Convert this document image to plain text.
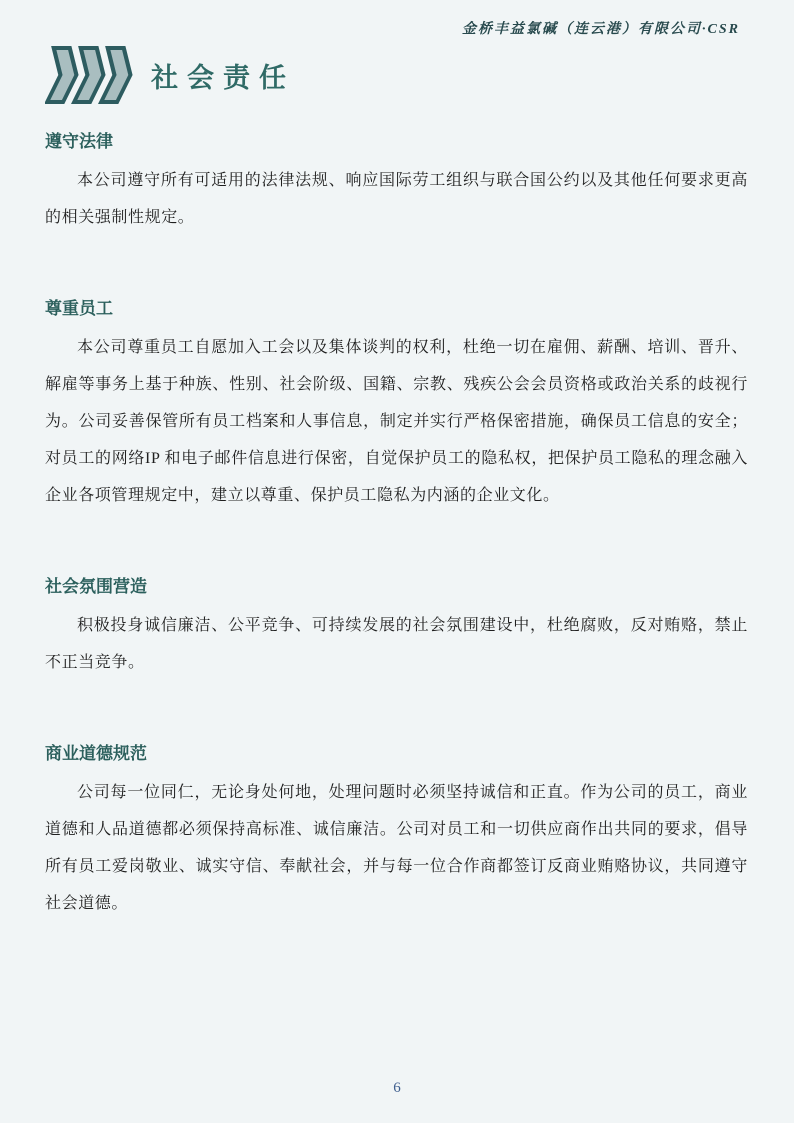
金桥丰益氯碱（连云港）有限公司·CSR
社会责任
遵守法律

本公司遵守所有可适用的法律法规、响应国际劳工组织与联合国公约以及其他任何要求更高的相关强制性规定。

尊重员工

本公司尊重员工自愿加入工会以及集体谈判的权利，杜绝一切在雇佣、薪酬、培训、晋升、解雇等事务上基于种族、性别、社会阶级、国籍、宗教、残疾公会会员资格或政治关系的歧视行为。公司妥善保管所有员工档案和人事信息，制定并实行严格保密措施，确保员工信息的安全；对员工的网络IP 和电子邮件信息进行保密，自觉保护员工的隐私权，把保护员工隐私的理念融入企业各项管理规定中，建立以尊重、保护员工隐私为内涵的企业文化。

社会氛围营造

积极投身诚信廉洁、公平竞争、可持续发展的社会氛围建设中，杜绝腐败，反对贿赂，禁止不正当竞争。

商业道德规范

公司每一位同仁，无论身处何地，处理问题时必须坚持诚信和正直。作为公司的员工，商业道德和人品道德都必须保持高标准、诚信廉洁。公司对员工和一切供应商作出共同的要求，倡导所有员工爱岗敬业、诚实守信、奉献社会，并与每一位合作商都签订反商业贿赂协议，共同遵守社会道德。

6
